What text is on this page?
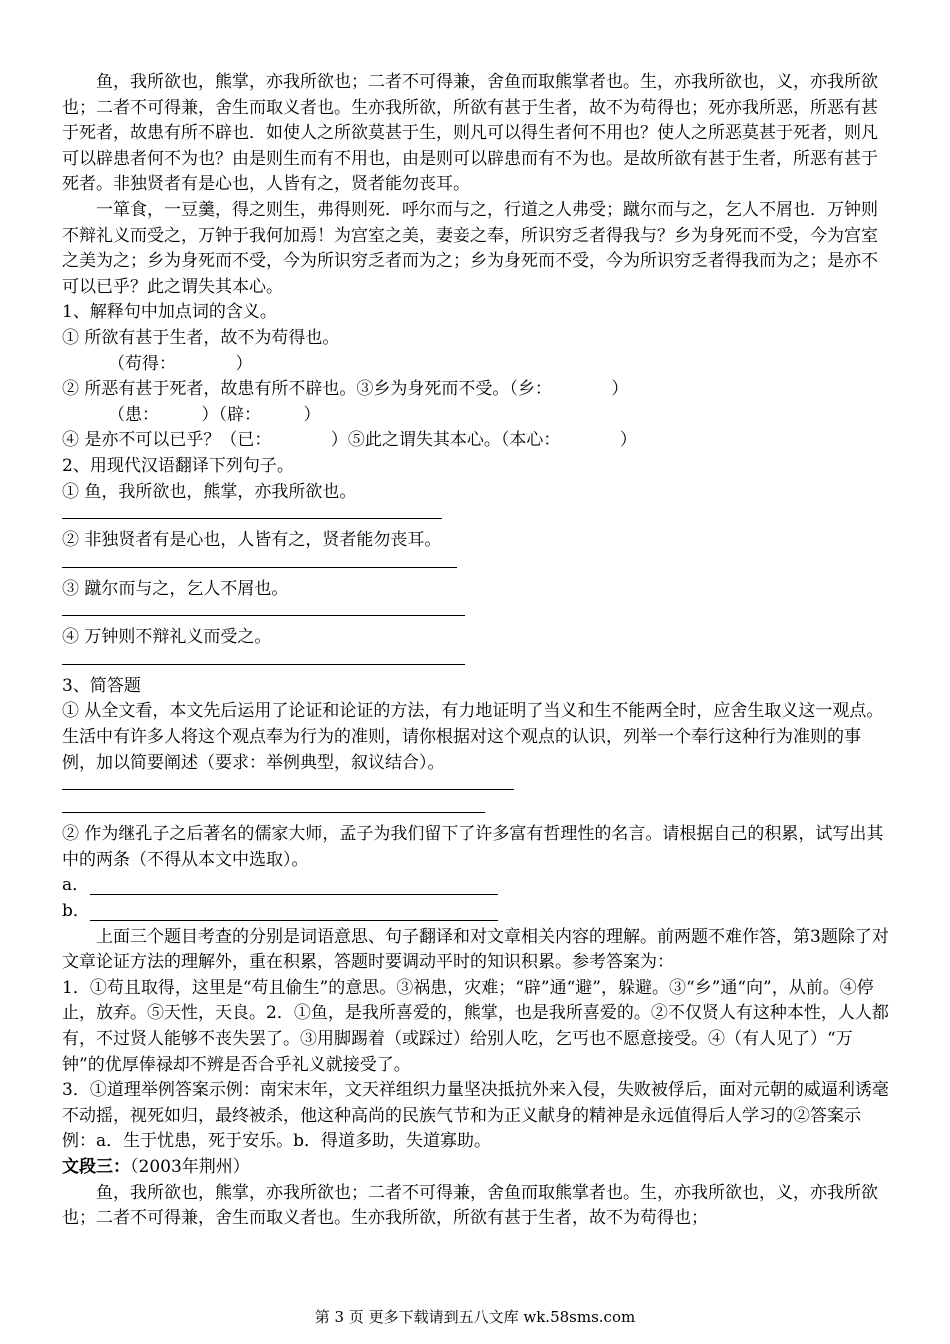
鱼，我所欲也，熊掌，亦我所欲也；二者不可得兼，舍鱼而取熊掌者也。生，亦我所欲也，义，亦我所欲也；二者不可得兼，舍生而取义者也。生亦我所欲，所欲有甚于生者，故不为苟得也；死亦我所恶，所恶有甚于死者，故患有所不辟也．如使人之所欲莫甚于生，则凡可以得生者何不用也？使人之所恶莫甚于死者，则凡可以辟患者何不为也？由是则生而有不用也，由是则可以辟患而有不为也。是故所欲有甚于生者，所恶有甚于死者。非独贤者有是心也，人皆有之，贤者能勿丧耳。

一箪食，一豆羹，得之则生，弗得则死．呼尔而与之，行道之人弗受；蹴尔而与之，乞人不屑也．万钟则不辩礼义而受之，万钟于我何加焉！为宫室之美，妻妾之奉，所识穷乏者得我与？乡为身死而不受，今为宫室之美为之；乡为身死而不受，今为所识穷乏者而为之；乡为身死而不受，今为所识穷乏者得我而为之；是亦不可以已乎？此之谓失其本心。

1、解释句中加点词的含义。

① 所欲有甚于生者，故不为苟得也。

（苟得：　　　　）

② 所恶有甚于死者，故患有所不辟也。③乡为身死而不受。（乡：　　　　）

（患：　　　）（辟：　　　）

④ 是亦不可以已乎？（已：　　　　）⑤此之谓失其本心。（本心：　　　　）

2、用现代汉语翻译下列句子。

① 鱼，我所欲也，熊掌，亦我所欲也。

② 非独贤者有是心也，人皆有之，贤者能勿丧耳。

③ 蹴尔而与之，乞人不屑也。

④ 万钟则不辩礼义而受之。

3、简答题

① 从全文看，本文先后运用了论证和论证的方法，有力地证明了当义和生不能两全时，应舍生取义这一观点。生活中有许多人将这个观点奉为行为的准则，请你根据对这个观点的认识，列举一个奉行这种行为准则的事例，加以简要阐述（要求：举例典型，叙议结合）。

② 作为继孔子之后著名的儒家大师，孟子为我们留下了许多富有哲理性的名言。请根据自己的积累，试写出其中的两条（不得从本文中选取）。

a．
b．

上面三个题目考查的分别是词语意思、句子翻译和对文章相关内容的理解。前两题不难作答，第3题除了对文章论证方法的理解外，重在积累，答题时要调动平时的知识积累。参考答案为：

1．①苟且取得，这里是“苟且偷生”的意思。③祸患，灾难；“辟”通“避”，躲避。③“乡”通“向”，从前。④停止，放弃。⑤天性，天良。2．①鱼，是我所喜爱的，熊掌，也是我所喜爱的。②不仅贤人有这种本性，人人都有，不过贤人能够不丧失罢了。③用脚踢着（或踩过）给别人吃，乞丐也不愿意接受。④（有人见了）“万钟”的优厚俸禄却不辨是否合乎礼义就接受了。

3．①道理举例答案示例：南宋末年，文天祥组织力量坚决抵抗外来入侵，失败被俘后，面对元朝的威逼利诱毫不动摇，视死如归，最终被杀，他这种高尚的民族气节和为正义献身的精神是永远值得后人学习的②答案示例：a．生于忧患，死于安乐。b．得道多助，失道寡助。

文段三：（2003年荆州）

鱼，我所欲也，熊掌，亦我所欲也；二者不可得兼，舍鱼而取熊掌者也。生，亦我所欲也，义，亦我所欲也；二者不可得兼，舍生而取义者也。生亦我所欲，所欲有甚于生者，故不为苟得也；

第 3 页 更多下载请到五八文库 wk.58sms.com
